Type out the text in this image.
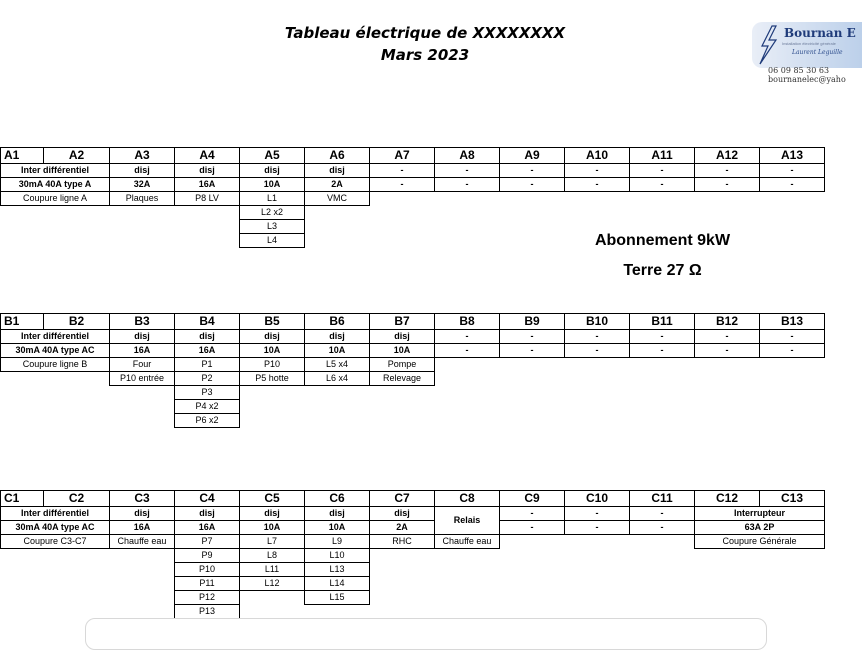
Tableau électrique de XXXXXXXX
Mars 2023
Bournan E
Installation électricité générale
Laurent Leguille
06 09 85 30 63
bournanelec@yaho
A1	A2	A3	A4	A5	A6	A7	A8	A9	A10	A11	A12	A13
Inter différentiel		disj	disj	disj	disj	-	-	-	-	-	-	-
30mA 40A type A		32A	16A	10A	2A	-	-	-	-	-	-	-
Coupure ligne A		Plaques	P8 LV	L1	VMC							
				L2 x2								
				L3								
				L4									Abonnement 9kW
Terre 27 Ω
B1	B2	B3	B4	B5	B6	B7	B8	B9	B10	B11	B12	B13
Inter différentiel		disj	disj	disj	disj	disj	-	-	-	-	-	-
30mA 40A type AC		16A	16A	10A	10A	10A	-	-	-	-	-	-
Coupure ligne B		Four	P1	P10	L5 x4	Pompe						
		P10 entrée	P2	P5 hotte	L6 x4	Relevage						
			P3									
			P4 x2									
			P6 x2									
C1	C2	C3	C4	C5	C6	C7	C8	C9	C10	C11	C12	C13
Inter différentiel		disj	disj	disj	disj	disj	Relais	-	-	-	Interrupteur	
30mA 40A type AC		16A	16A	10A	10A	2A		-	-	-	63A 2P	
Coupure C3-C7		Chauffe eau	P7	L7	L9	RHC	Chauffe eau				Coupure Générale	
			P9	L8	L10							
			P10	L11	L13							
			P11	L12	L14							
			P12		L15							
			P13									
